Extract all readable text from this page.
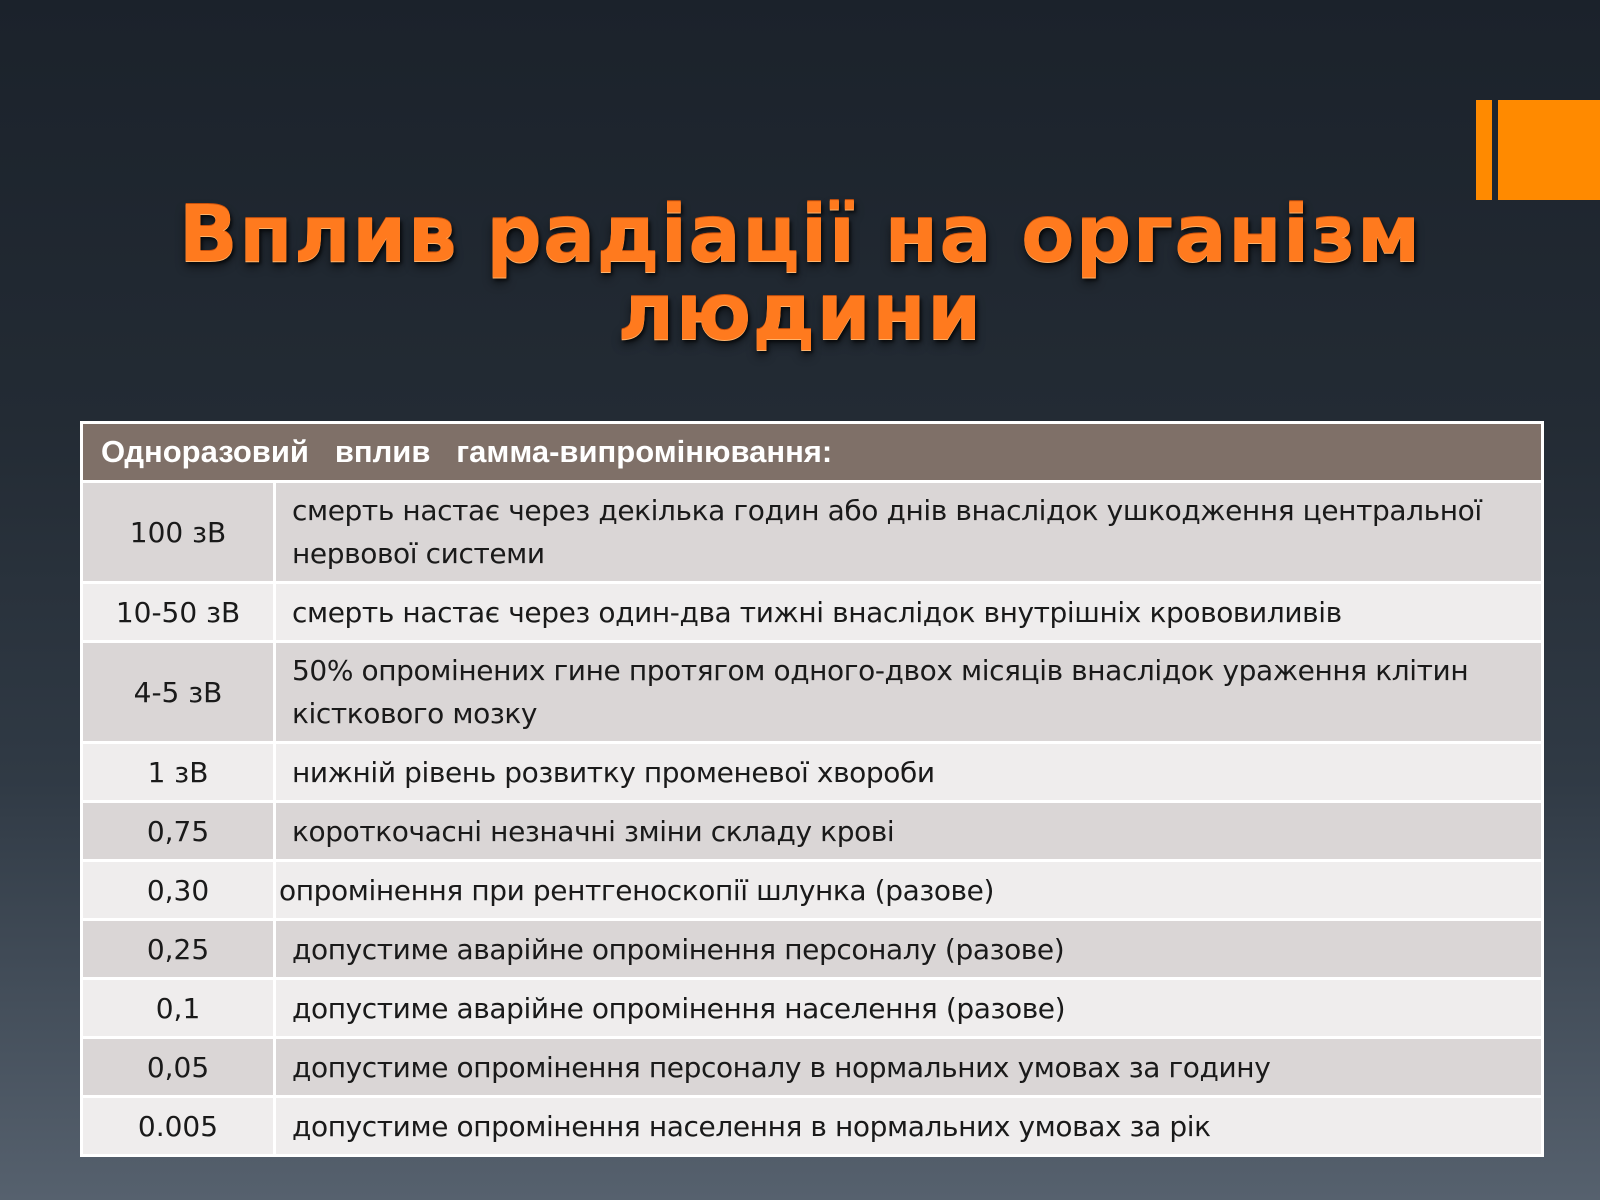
Вплив радіації на організм людини
Одноразовий   вплив   гамма-випромінювання:	
100 зВ	смерть настає через декілька годин або днів внаслідок ушкодження центральної нервової системи
10-50 зВ	смерть настає через один-два тижні внаслідок внутрішніх крововиливів
4-5 зВ	50% опромінених гине протягом одного-двох місяців внаслідок ураження клітин кісткового мозку
1 зВ	нижній рівень розвитку променевої хвороби
0,75	короткочасні незначні зміни складу крові
0,30	опромінення при рентгеноскопії шлунка (разове)
0,25	допустиме аварійне опромінення персоналу (разове)
0,1	допустиме аварійне опромінення населення (разове)
0,05	допустиме опромінення персоналу в нормальних умовах за годину
0.005	допустиме опромінення населення в нормальних умовах за рік
